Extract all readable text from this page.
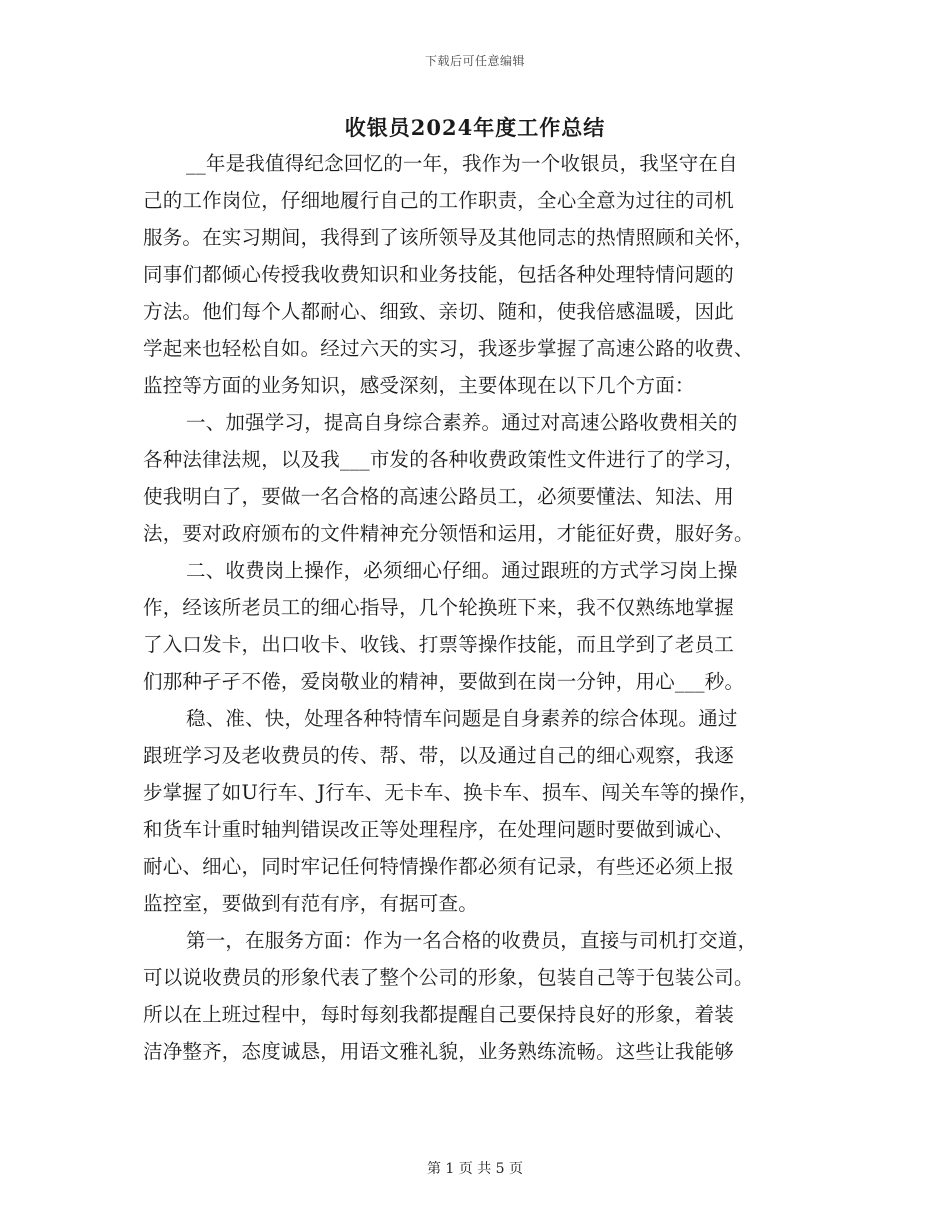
下载后可任意编辑
收银员2024年度工作总结
__年是我值得纪念回忆的一年，我作为一个收银员，我坚守在自
己的工作岗位，仔细地履行自己的工作职责，全心全意为过往的司机
服务。在实习期间，我得到了该所领导及其他同志的热情照顾和关怀，
同事们都倾心传授我收费知识和业务技能，包括各种处理特情问题的
方法。他们每个人都耐心、细致、亲切、随和，使我倍感温暖，因此
学起来也轻松自如。经过六天的实习，我逐步掌握了高速公路的收费、
监控等方面的业务知识，感受深刻，主要体现在以下几个方面：
一、加强学习，提高自身综合素养。通过对高速公路收费相关的
各种法律法规，以及我___市发的各种收费政策性文件进行了的学习，
使我明白了，要做一名合格的高速公路员工，必须要懂法、知法、用
法，要对政府颁布的文件精神充分领悟和运用，才能征好费，服好务。
二、收费岗上操作，必须细心仔细。通过跟班的方式学习岗上操
作，经该所老员工的细心指导，几个轮换班下来，我不仅熟练地掌握
了入口发卡，出口收卡、收钱、打票等操作技能，而且学到了老员工
们那种孑孑不倦，爱岗敬业的精神，要做到在岗一分钟，用心___秒。
稳、准、快，处理各种特情车问题是自身素养的综合体现。通过
跟班学习及老收费员的传、帮、带，以及通过自己的细心观察，我逐
步掌握了如U行车、J行车、无卡车、换卡车、损车、闯关车等的操作，
和货车计重时轴判错误改正等处理程序，在处理问题时要做到诚心、
耐心、细心，同时牢记任何特情操作都必须有记录，有些还必须上报
监控室，要做到有范有序，有据可查。
第一，在服务方面：作为一名合格的收费员，直接与司机打交道，
可以说收费员的形象代表了整个公司的形象，包装自己等于包装公司。
所以在上班过程中，每时每刻我都提醒自己要保持良好的形象，着装
洁净整齐，态度诚恳，用语文雅礼貌，业务熟练流畅。这些让我能够
第 1 页 共 5 页
